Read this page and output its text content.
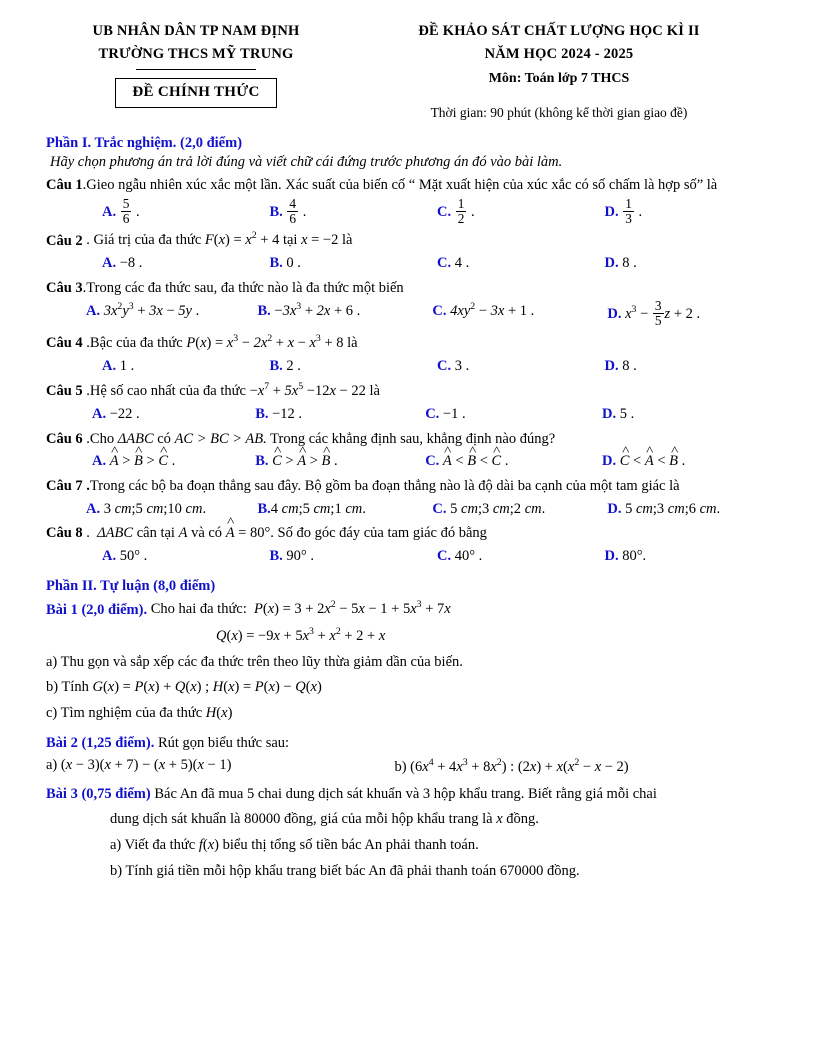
UB NHÂN DÂN TP NAM ĐỊNH
TRƯỜNG THCS MỸ TRUNG
ĐỀ CHÍNH THỨC
ĐỀ KHẢO SÁT CHẤT LƯỢNG HỌC KÌ II
NĂM HỌC 2024 - 2025
Môn: Toán lớp 7 THCS
Thời gian: 90 phút (không kể thời gian giao đề)
Phần I. Trắc nghiệm. (2,0 điểm)
Hãy chọn phương án trả lời đúng và viết chữ cái đứng trước phương án đó vào bài làm.
Câu 1.Gieo ngẫu nhiên xúc xắc một lần. Xác suất của biến cố “ Mặt xuất hiện của xúc xắc có số chấm là hợp số” là
A. $\frac{5}{6}$ .	B. $\frac{4}{6}$ .	C. $\frac{1}{2}$ .	D. $\frac{1}{3}$ .
Câu 2 . Giá trị của đa thức $F(x) = x^2 + 4$ tại x = −2 là
A. −8 .	B. 0 .	C. 4 .	D. 8 .
Câu 3.Trong các đa thức sau, đa thức nào là đa thức một biến
A. $3x^2y^3 + 3x - 5y$ .	B. $-3x^3 + 2x + 6$ .	C. $4xy^2 - 3x + 1$ .	D. $x^3 - \frac{3}{5}$ z + 2 .
Câu 4 .Bậc của đa thức $P(x) = x^3 - 2x^2 + x - x^3 + 8$ là
A. 1 .	B. 2 .	C. 3 .	D. 8 .
Câu 5 .Hệ số cao nhất của đa thức $-x^7 + 5x^5 -12x - 22$ là
A. −22 .	B. −12 .	C. −1 .	D. 5 .
Câu 6 .Cho ΔABC có AC > BC > AB. Trong các khẳng định sau, khẳng định nào đúng?
A. A ^ > B ^ > C ^ .	B. C ^ > A ^ > B ^ .	C. A ^ < B ^ < C ^ .	D. C ^ < A ^ < B ^ .
Câu 7 .Trong các bộ ba đoạn thẳng sau đây. Bộ gồm ba đoạn thẳng nào là độ dài ba cạnh của một tam giác là
A. 3 cm;5 cm;10 cm.	B.4 cm;5 cm;1 cm.	C. 5 cm;3 cm;2 cm.	D. 5 cm;3 cm;6 cm.
Câu 8 .  ΔABC cân tại A và có A ^ = 80°. Số đo góc đáy của tam giác đó bằng
A. 50° .	B. 90° .	C. 40° .	D. 80°.
Phần II. Tự luận (8,0 điểm)
Bài 1 (2,0 điểm). Cho hai đa thức:  $P(x) = 3 + 2x^2 - 5x - 1 + 5x^3 + 7x$
$Q(x) = -9x + 5x^3 + x^2 + 2 + x$
a) Thu gọn và sắp xếp các đa thức trên theo lũy thừa giảm dần của biến.
b) Tính G(x) = P(x) + Q(x) ; H(x) = P(x) − Q(x)
c) Tìm nghiệm của đa thức H(x)
Bài 2 (1,25 điểm). Rút gọn biểu thức sau:
a) (x − 3)(x + 7) − (x + 5)(x − 1)	b) $(6x^4 + 4x^3 + 8x^2)$ : $(2x) + x(x^2 - x - 2)$
Bài 3 (0,75 điểm) Bác An đã mua 5 chai dung dịch sát khuẩn và 3 hộp khẩu trang. Biết rằng giá mỗi chai
dung dịch sát khuẩn là 80000 đồng, giá của mỗi hộp khẩu trang là x đồng.
a) Viết đa thức f(x) biểu thị tổng số tiền bác An phải thanh toán.
b) Tính giá tiền mỗi hộp khẩu trang biết bác An đã phải thanh toán 670000 đồng.
